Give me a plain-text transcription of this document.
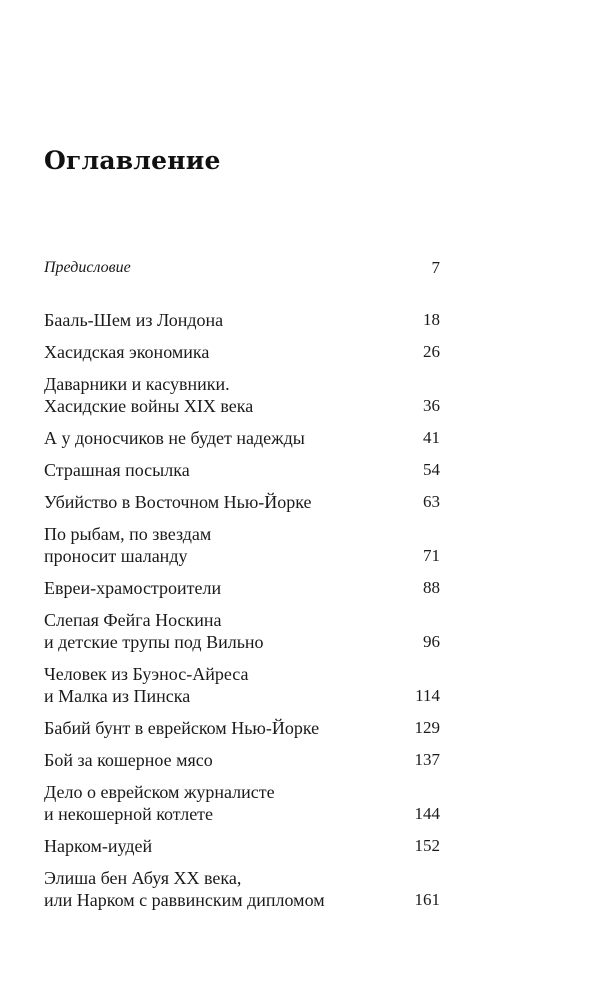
Оглавление
Предисловие	7
Бааль-Шем из Лондона	18
Хасидская экономика	26
Даварники и касувники.
Хасидские войны XIX века	36
А у доносчиков не будет надежды	41
Страшная посылка	54
Убийство в Восточном Нью-Йорке	63
По рыбам, по звездам
проносит шаланду	71
Евреи-храмостроители	88
Слепая Фейга Носкина
и детские трупы под Вильно	96
Человек из Буэнос-Айреса
и Малка из Пинска	114
Бабий бунт в еврейском Нью-Йорке	129
Бой за кошерное мясо	137
Дело о еврейском журналисте
и некошерной котлете	144
Нарком-иудей	152
Элиша бен Абуя XX века,
или Нарком с раввинским дипломом	161
